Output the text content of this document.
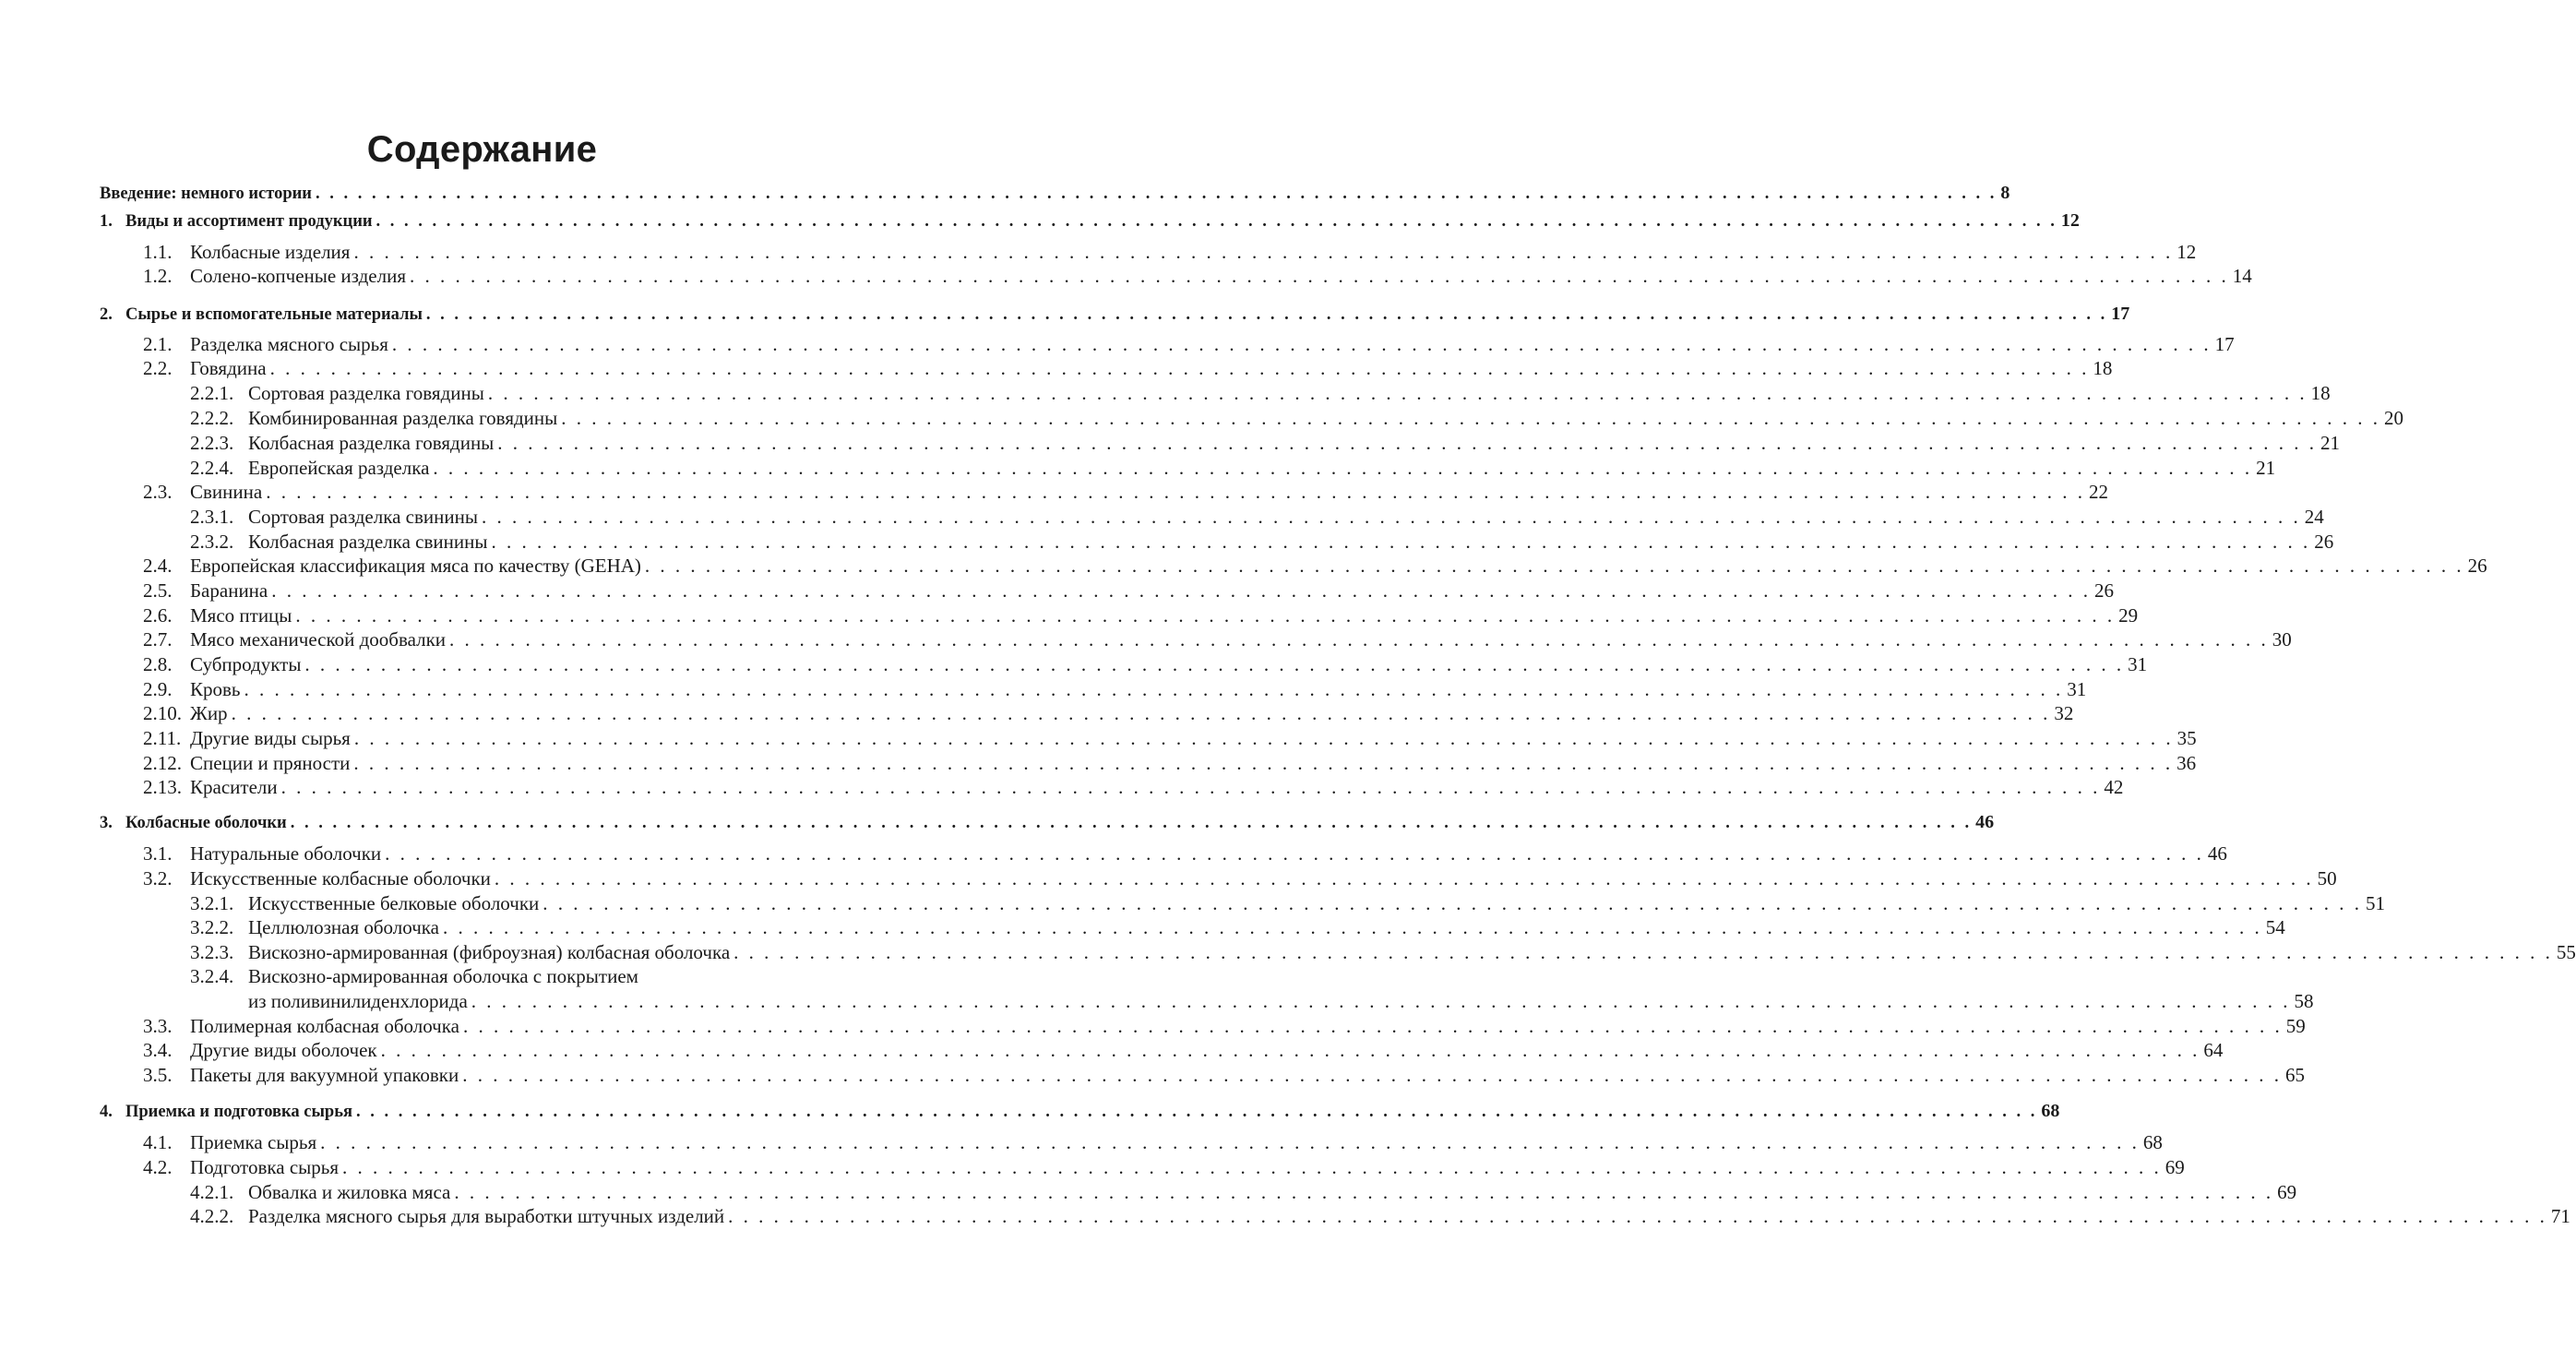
Содержание
Введение: немного истории . . . . . . . . . . . . . . . . . . . . . . . . . . . . . . . . . . . . . . . . . . . . . . . . . . . . . . . . . . . . . . . . . . . . . . . . . . . . . . . . . . . . . . . . . . . . . . . . . . . . . . . . . . . . . . . . . . . . . . . . 8
1. Виды и ассортимент продукции . . . . . . . . . . . . . . . . . . . . . . . . . . . . . . . . . . . . . . . . . . . . . . . . . . . . . . . . . . . . . . . . . . . . . . . . . . . . . . . . . . . . . . . . . . . . . . . . . . . . . . . . . . . . . . . . . . . . . . . . 12
1.1. Колбасные изделия . . . . . . . . . . . . . . . . . . . . . . . . . . . . . . . . . . . . . . . . . . . . . . . . . . . . . . . . . . . . . . . . . . . . . . . . . . . . . . . . . . . . . . . . . . . . . . . . . . . . . . . . . . . . . . . . . . . . . . . . 12
1.2. Солено-копченые изделия . . . . . . . . . . . . . . . . . . . . . . . . . . . . . . . . . . . . . . . . . . . . . . . . . . . . . . . . . . . . . . . . . . . . . . . . . . . . . . . . . . . . . . . . . . . . . . . . . . . . . . . . . . . . . . . . . . . . . . . . 14
2. Сырье и вспомогательные материалы . . . . . . . . . . . . . . . . . . . . . . . . . . . . . . . . . . . . . . . . . . . . . . . . . . . . . . . . . . . . . . . . . . . . . . . . . . . . . . . . . . . . . . . . . . . . . . . . . . . . . . . . . . . . . . . . . . . . . . . . 17
2.1. Разделка мясного сырья . . . . . . . . . . . . . . . . . . . . . . . . . . . . . . . . . . . . . . . . . . . . . . . . . . . . . . . . . . . . . . . . . . . . . . . . . . . . . . . . . . . . . . . . . . . . . . . . . . . . . . . . . . . . . . . . . . . . . . . . 17
2.2. Говядина . . . . . . . . . . . . . . . . . . . . . . . . . . . . . . . . . . . . . . . . . . . . . . . . . . . . . . . . . . . . . . . . . . . . . . . . . . . . . . . . . . . . . . . . . . . . . . . . . . . . . . . . . . . . . . . . . . . . . . . . 18
2.2.1. Сортовая разделка говядины . . . . . . . . . . . . . . . . . . . . . . . . . . . . . . . . . . . . . . . . . . . . . . . . . . . . . . . . . . . . . . . . . . . . . . . . . . . . . . . . . . . . . . . . . . . . . . . . . . . . . . . . . . . . . . . . . . . . . . . . 18
2.2.2. Комбинированная разделка говядины . . . . . . . . . . . . . . . . . . . . . . . . . . . . . . . . . . . . . . . . . . . . . . . . . . . . . . . . . . . . . . . . . . . . . . . . . . . . . . . . . . . . . . . . . . . . . . . . . . . . . . . . . . . . . . . . . . . . . . . . 20
2.2.3. Колбасная разделка говядины . . . . . . . . . . . . . . . . . . . . . . . . . . . . . . . . . . . . . . . . . . . . . . . . . . . . . . . . . . . . . . . . . . . . . . . . . . . . . . . . . . . . . . . . . . . . . . . . . . . . . . . . . . . . . . . . . . . . . . . . 21
2.2.4. Европейская разделка . . . . . . . . . . . . . . . . . . . . . . . . . . . . . . . . . . . . . . . . . . . . . . . . . . . . . . . . . . . . . . . . . . . . . . . . . . . . . . . . . . . . . . . . . . . . . . . . . . . . . . . . . . . . . . . . . . . . . . . . 21
2.3. Свинина . . . . . . . . . . . . . . . . . . . . . . . . . . . . . . . . . . . . . . . . . . . . . . . . . . . . . . . . . . . . . . . . . . . . . . . . . . . . . . . . . . . . . . . . . . . . . . . . . . . . . . . . . . . . . . . . . . . . . . . . 22
2.3.1. Сортовая разделка свинины . . . . . . . . . . . . . . . . . . . . . . . . . . . . . . . . . . . . . . . . . . . . . . . . . . . . . . . . . . . . . . . . . . . . . . . . . . . . . . . . . . . . . . . . . . . . . . . . . . . . . . . . . . . . . . . . . . . . . . . . 24
2.3.2. Колбасная разделка свинины . . . . . . . . . . . . . . . . . . . . . . . . . . . . . . . . . . . . . . . . . . . . . . . . . . . . . . . . . . . . . . . . . . . . . . . . . . . . . . . . . . . . . . . . . . . . . . . . . . . . . . . . . . . . . . . . . . . . . . . . 26
2.4. Европейская классификация мяса по качеству (GEHA) . . . . . . . . . . . . . . . . . . . . . . . . . . . . . . . . . . . . . . . . . . . . . . . . . . . . . . . . . . . . . . . . . . . . . . . . . . . . . . . . . . . . . . . . . . . . . . . . . . . . . . . . . . . . . . . . . . . . . . . . 26
2.5. Баранина . . . . . . . . . . . . . . . . . . . . . . . . . . . . . . . . . . . . . . . . . . . . . . . . . . . . . . . . . . . . . . . . . . . . . . . . . . . . . . . . . . . . . . . . . . . . . . . . . . . . . . . . . . . . . . . . . . . . . . . . 26
2.6. Мясо птицы . . . . . . . . . . . . . . . . . . . . . . . . . . . . . . . . . . . . . . . . . . . . . . . . . . . . . . . . . . . . . . . . . . . . . . . . . . . . . . . . . . . . . . . . . . . . . . . . . . . . . . . . . . . . . . . . . . . . . . . . 29
2.7. Мясо механической дообвалки . . . . . . . . . . . . . . . . . . . . . . . . . . . . . . . . . . . . . . . . . . . . . . . . . . . . . . . . . . . . . . . . . . . . . . . . . . . . . . . . . . . . . . . . . . . . . . . . . . . . . . . . . . . . . . . . . . . . . . . . 30
2.8. Субпродукты . . . . . . . . . . . . . . . . . . . . . . . . . . . . . . . . . . . . . . . . . . . . . . . . . . . . . . . . . . . . . . . . . . . . . . . . . . . . . . . . . . . . . . . . . . . . . . . . . . . . . . . . . . . . . . . . . . . . . . . . 31
2.9. Кровь . . . . . . . . . . . . . . . . . . . . . . . . . . . . . . . . . . . . . . . . . . . . . . . . . . . . . . . . . . . . . . . . . . . . . . . . . . . . . . . . . . . . . . . . . . . . . . . . . . . . . . . . . . . . . . . . . . . . . . . . 31
2.10. Жир . . . . . . . . . . . . . . . . . . . . . . . . . . . . . . . . . . . . . . . . . . . . . . . . . . . . . . . . . . . . . . . . . . . . . . . . . . . . . . . . . . . . . . . . . . . . . . . . . . . . . . . . . . . . . . . . . . . . . . . . 32
2.11. Другие виды сырья . . . . . . . . . . . . . . . . . . . . . . . . . . . . . . . . . . . . . . . . . . . . . . . . . . . . . . . . . . . . . . . . . . . . . . . . . . . . . . . . . . . . . . . . . . . . . . . . . . . . . . . . . . . . . . . . . . . . . . . . 35
2.12. Специи и пряности . . . . . . . . . . . . . . . . . . . . . . . . . . . . . . . . . . . . . . . . . . . . . . . . . . . . . . . . . . . . . . . . . . . . . . . . . . . . . . . . . . . . . . . . . . . . . . . . . . . . . . . . . . . . . . . . . . . . . . . . 36
2.13. Красители . . . . . . . . . . . . . . . . . . . . . . . . . . . . . . . . . . . . . . . . . . . . . . . . . . . . . . . . . . . . . . . . . . . . . . . . . . . . . . . . . . . . . . . . . . . . . . . . . . . . . . . . . . . . . . . . . . . . . . . . 42
3. Колбасные оболочки . . . . . . . . . . . . . . . . . . . . . . . . . . . . . . . . . . . . . . . . . . . . . . . . . . . . . . . . . . . . . . . . . . . . . . . . . . . . . . . . . . . . . . . . . . . . . . . . . . . . . . . . . . . . . . . . . . . . . . . . 46
3.1. Натуральные оболочки . . . . . . . . . . . . . . . . . . . . . . . . . . . . . . . . . . . . . . . . . . . . . . . . . . . . . . . . . . . . . . . . . . . . . . . . . . . . . . . . . . . . . . . . . . . . . . . . . . . . . . . . . . . . . . . . . . . . . . . . 46
3.2. Искусственные колбасные оболочки . . . . . . . . . . . . . . . . . . . . . . . . . . . . . . . . . . . . . . . . . . . . . . . . . . . . . . . . . . . . . . . . . . . . . . . . . . . . . . . . . . . . . . . . . . . . . . . . . . . . . . . . . . . . . . . . . . . . . . . . 50
3.2.1. Искусственные белковые оболочки . . . . . . . . . . . . . . . . . . . . . . . . . . . . . . . . . . . . . . . . . . . . . . . . . . . . . . . . . . . . . . . . . . . . . . . . . . . . . . . . . . . . . . . . . . . . . . . . . . . . . . . . . . . . . . . . . . . . . . . . 51
3.2.2. Целлюлозная оболочка . . . . . . . . . . . . . . . . . . . . . . . . . . . . . . . . . . . . . . . . . . . . . . . . . . . . . . . . . . . . . . . . . . . . . . . . . . . . . . . . . . . . . . . . . . . . . . . . . . . . . . . . . . . . . . . . . . . . . . . . 54
3.2.3. Вискозно-армированная (фиброузная) колбасная оболочка . . . . . . . . . . . . . . . . . . . . . . . . . . . . . . . . . . . . . . . . . . . . . . . . . . . . . . . . . . . . . . . . . . . . . . . . . . . . . . . . . . . . . . . . . . . . . . . . . . . . . . . . . . . . . . . . . . . . . . . . 55
3.2.4. Вискозно-армированная оболочка с покрытием
из поливинилиденхлорида . . . . . . . . . . . . . . . . . . . . . . . . . . . . . . . . . . . . . . . . . . . . . . . . . . . . . . . . . . . . . . . . . . . . . . . . . . . . . . . . . . . . . . . . . . . . . . . . . . . . . . . . . . . . . . . . . . . . . . . . 58
3.3. Полимерная колбасная оболочка . . . . . . . . . . . . . . . . . . . . . . . . . . . . . . . . . . . . . . . . . . . . . . . . . . . . . . . . . . . . . . . . . . . . . . . . . . . . . . . . . . . . . . . . . . . . . . . . . . . . . . . . . . . . . . . . . . . . . . . . 59
3.4. Другие виды оболочек . . . . . . . . . . . . . . . . . . . . . . . . . . . . . . . . . . . . . . . . . . . . . . . . . . . . . . . . . . . . . . . . . . . . . . . . . . . . . . . . . . . . . . . . . . . . . . . . . . . . . . . . . . . . . . . . . . . . . . . . 64
3.5. Пакеты для вакуумной упаковки . . . . . . . . . . . . . . . . . . . . . . . . . . . . . . . . . . . . . . . . . . . . . . . . . . . . . . . . . . . . . . . . . . . . . . . . . . . . . . . . . . . . . . . . . . . . . . . . . . . . . . . . . . . . . . . . . . . . . . . . 65
4. Приемка и подготовка сырья . . . . . . . . . . . . . . . . . . . . . . . . . . . . . . . . . . . . . . . . . . . . . . . . . . . . . . . . . . . . . . . . . . . . . . . . . . . . . . . . . . . . . . . . . . . . . . . . . . . . . . . . . . . . . . . . . . . . . . . . 68
4.1. Приемка сырья . . . . . . . . . . . . . . . . . . . . . . . . . . . . . . . . . . . . . . . . . . . . . . . . . . . . . . . . . . . . . . . . . . . . . . . . . . . . . . . . . . . . . . . . . . . . . . . . . . . . . . . . . . . . . . . . . . . . . . . . 68
4.2. Подготовка сырья . . . . . . . . . . . . . . . . . . . . . . . . . . . . . . . . . . . . . . . . . . . . . . . . . . . . . . . . . . . . . . . . . . . . . . . . . . . . . . . . . . . . . . . . . . . . . . . . . . . . . . . . . . . . . . . . . . . . . . . . 69
4.2.1. Обвалка и жиловка мяса . . . . . . . . . . . . . . . . . . . . . . . . . . . . . . . . . . . . . . . . . . . . . . . . . . . . . . . . . . . . . . . . . . . . . . . . . . . . . . . . . . . . . . . . . . . . . . . . . . . . . . . . . . . . . . . . . . . . . . . . 69
4.2.2. Разделка мясного сырья для выработки штучных изделий . . . . . . . . . . . . . . . . . . . . . . . . . . . . . . . . . . . . . . . . . . . . . . . . . . . . . . . . . . . . . . . . . . . . . . . . . . . . . . . . . . . . . . . . . . . . . . . . . . . . . . . . . . . . . . . . . . . . . . . . 71
